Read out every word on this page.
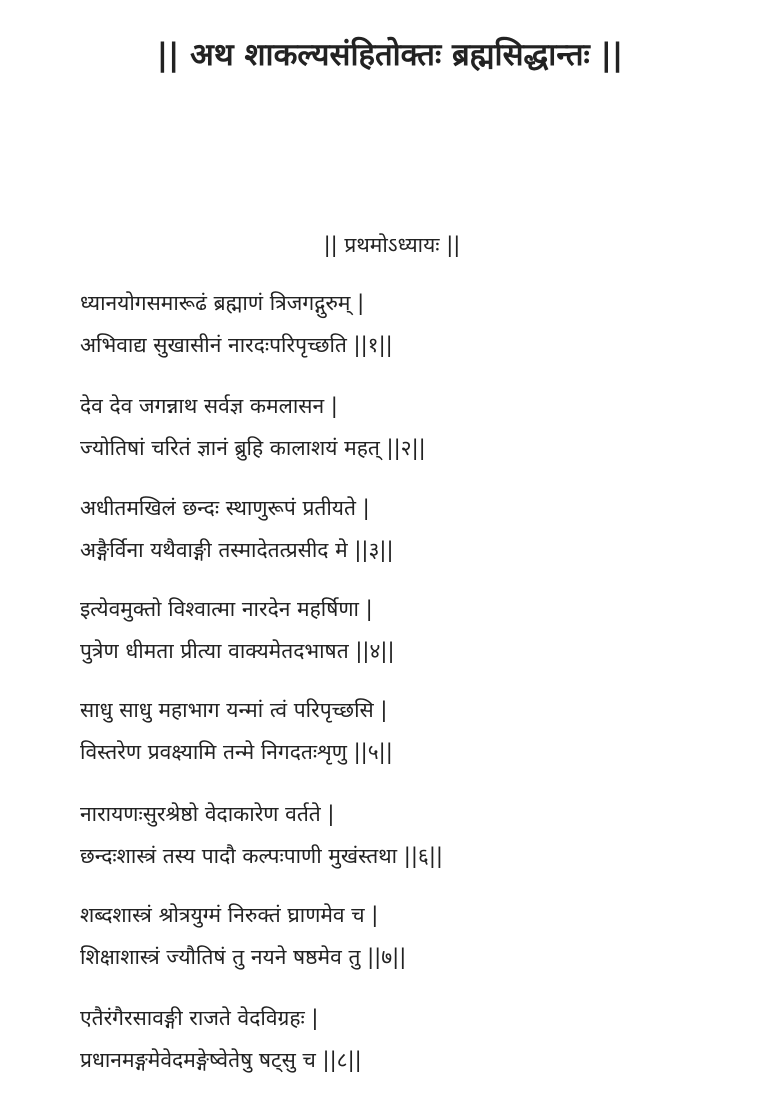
|| अथ शाकल्यसंहितोक्तः ब्रह्मसिद्धान्तः ||
|| प्रथमोऽध्यायः ||
ध्यानयोगसमारूढं ब्रह्माणं त्रिजगद्गुरुम् |
अभिवाद्य सुखासीनं नारदःपरिपृच्छति ||१||
देव देव जगन्नाथ सर्वज्ञ कमलासन |
ज्योतिषां चरितं ज्ञानं ब्रुहि कालाशयं महत् ||२||
अधीतमखिलं छन्दः स्थाणुरूपं प्रतीयते |
अङ्गैर्विना यथैवाङ्गी तस्मादेतत्प्रसीद मे ||३||
इत्येवमुक्तो विश्वात्मा नारदेन महर्षिणा |
पुत्रेण धीमता प्रीत्या वाक्यमेतदभाषत ||४||
साधु साधु महाभाग यन्मां त्वं परिपृच्छसि |
विस्तरेण प्रवक्ष्यामि तन्मे निगदतःशृणु ||५||
नारायणःसुरश्रेष्ठो वेदाकारेण वर्तते |
छन्दःशास्त्रं तस्य पादौ कल्पःपाणी मुखंस्तथा ||६||
शब्दशास्त्रं श्रोत्रयुग्मं निरुक्तं घ्राणमेव च |
शिक्षाशास्त्रं ज्यौतिषं तु नयने षष्ठमेव तु ||७||
एतैरंगैरसावङ्गी राजते वेदविग्रहः |
प्रधानमङ्गमेवेदमङ्गेष्वेतेषु षट्सु च ||८||
